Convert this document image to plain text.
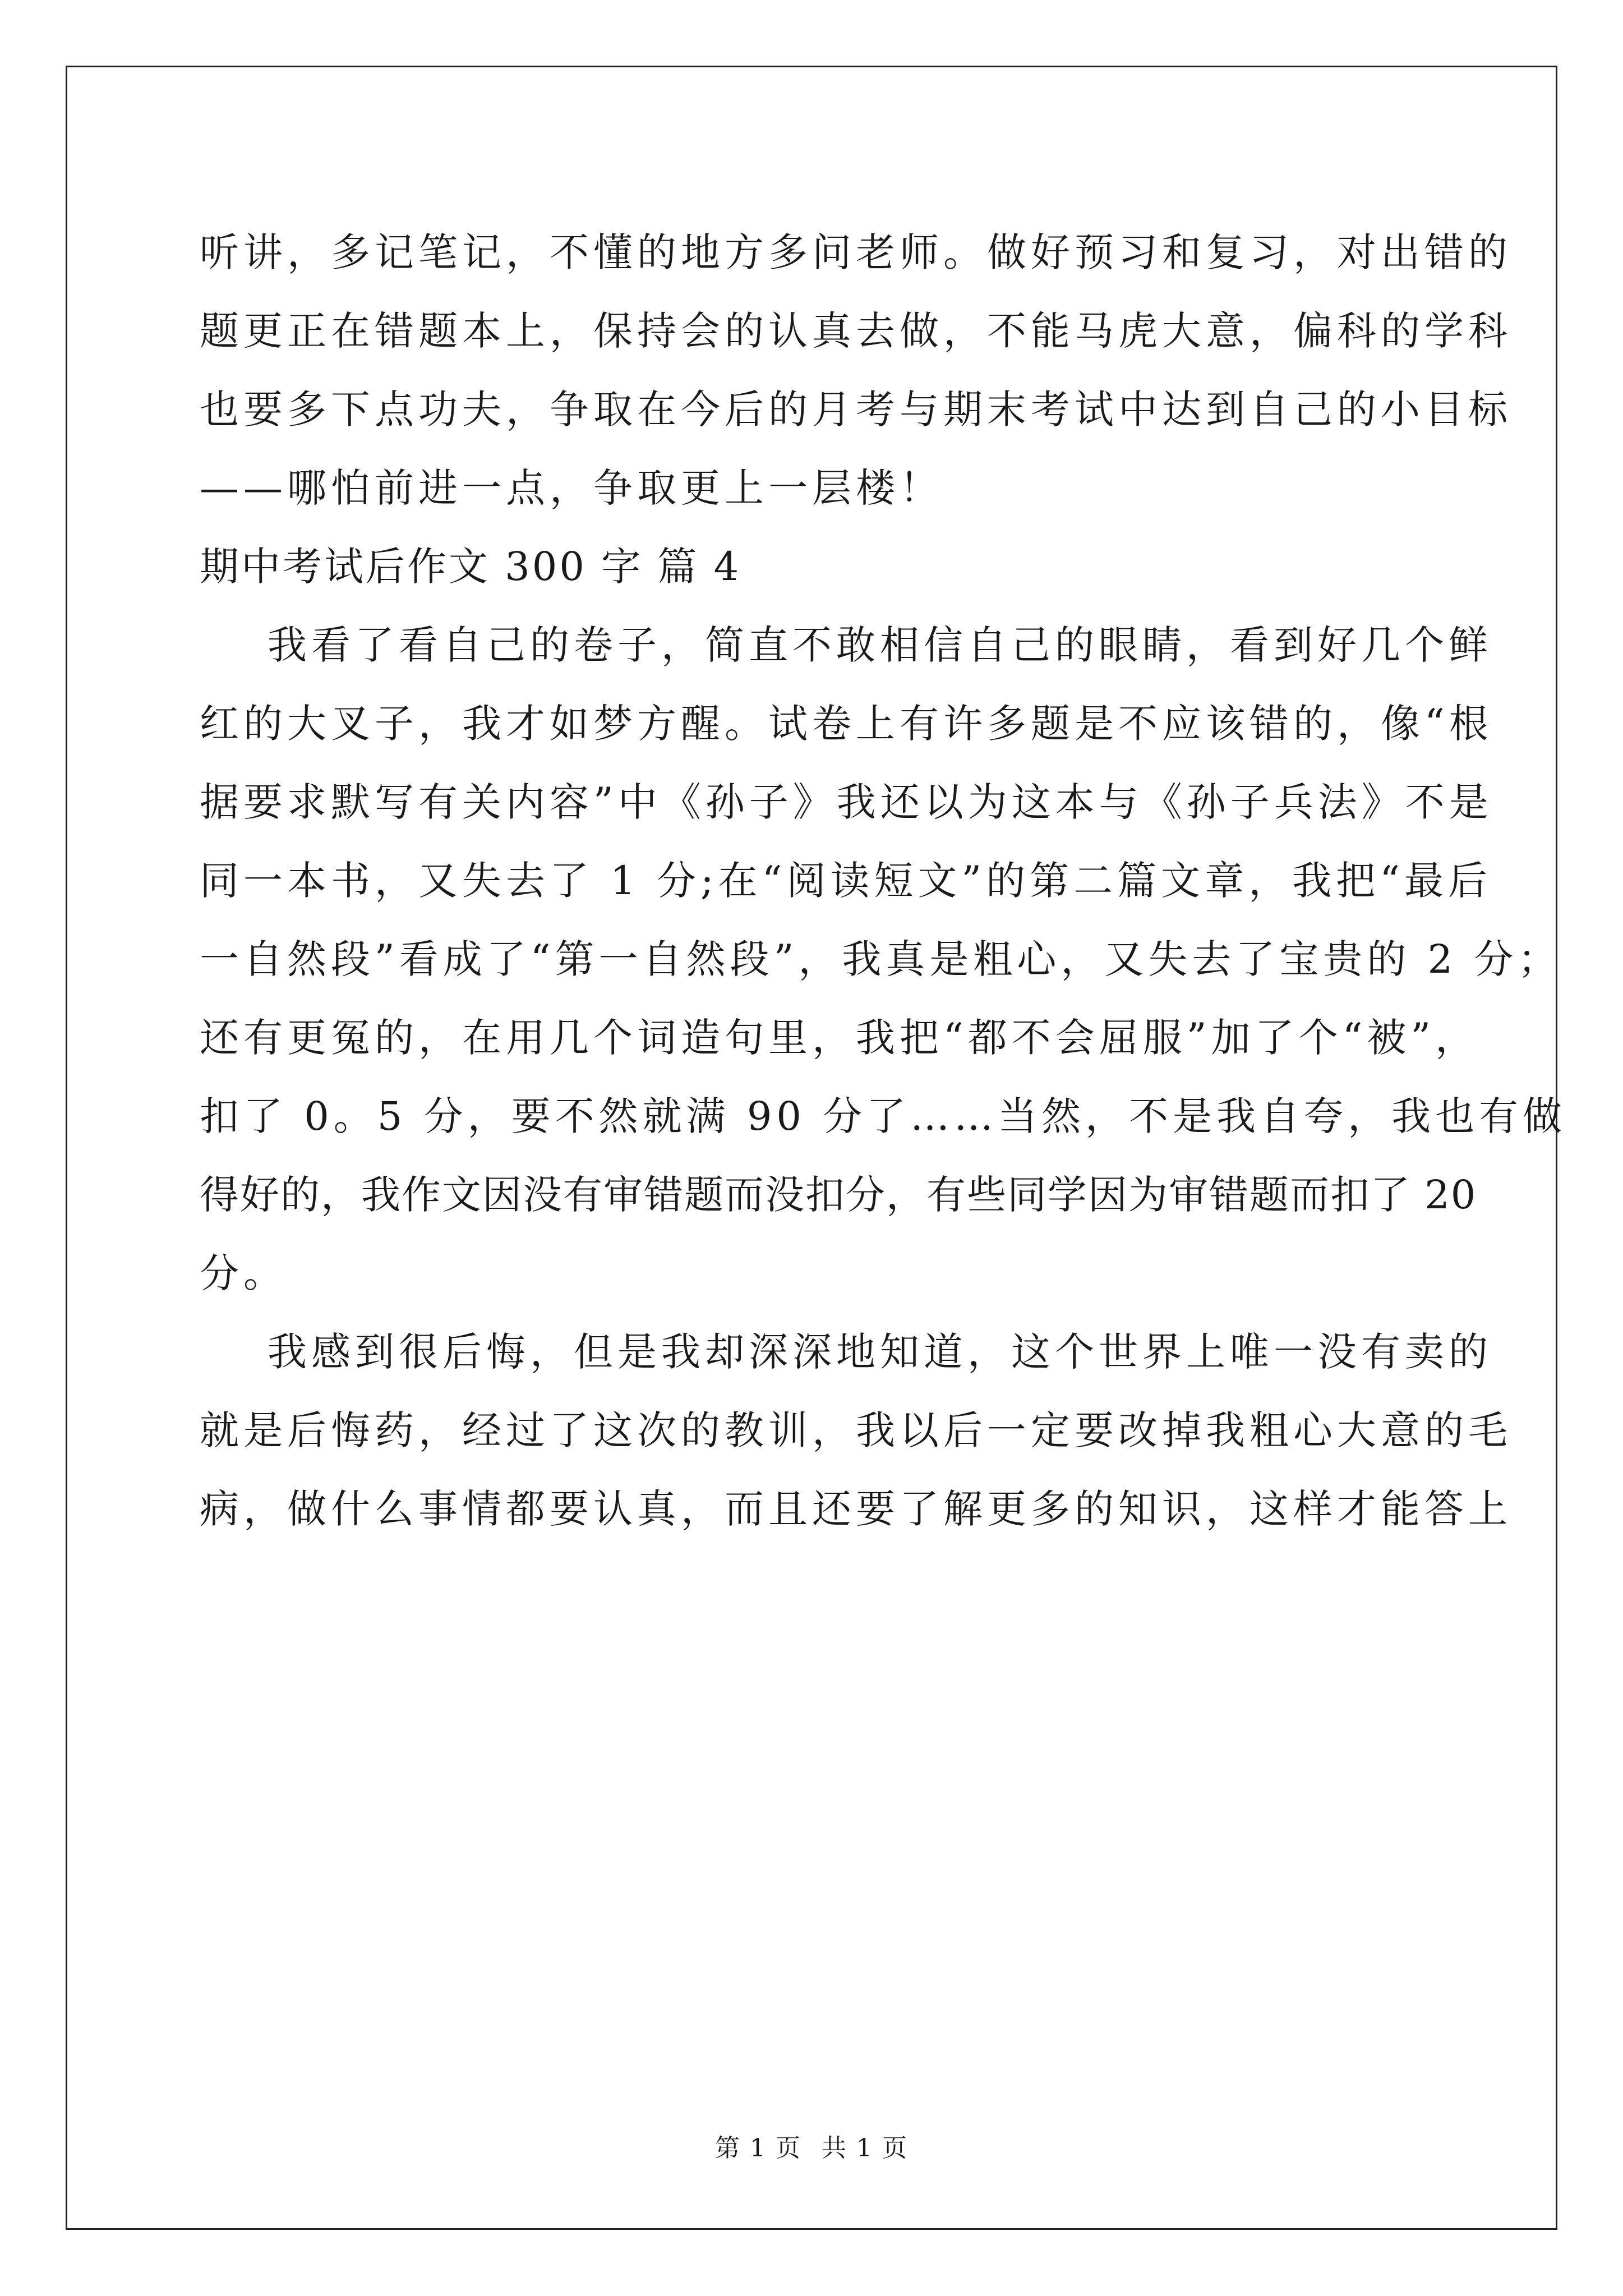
听讲，多记笔记，不懂的地方多问老师。做好预习和复习，对出错的
题更正在错题本上，保持会的认真去做，不能马虎大意，偏科的学科
也要多下点功夫，争取在今后的月考与期末考试中达到自己的小目标
——哪怕前进一点，争取更上一层楼！
期中考试后作文 300 字 篇 4
我看了看自己的卷子，简直不敢相信自己的眼睛，看到好几个鲜
红的大叉子，我才如梦方醒。试卷上有许多题是不应该错的，像“根
据要求默写有关内容”中《孙子》我还以为这本与《孙子兵法》不是
同一本书，又失去了 1 分;在“阅读短文”的第二篇文章，我把“最后
一自然段”看成了“第一自然段”，我真是粗心，又失去了宝贵的 2 分；
还有更冤的，在用几个词造句里，我把“都不会屈服”加了个“被”，
扣了 0。5 分，要不然就满 90 分了……当然，不是我自夸，我也有做
得好的，我作文因没有审错题而没扣分，有些同学因为审错题而扣了 20
分。
我感到很后悔，但是我却深深地知道，这个世界上唯一没有卖的
就是后悔药，经过了这次的教训，我以后一定要改掉我粗心大意的毛
病，做什么事情都要认真，而且还要了解更多的知识，这样才能答上
第 1 页 共 1 页
